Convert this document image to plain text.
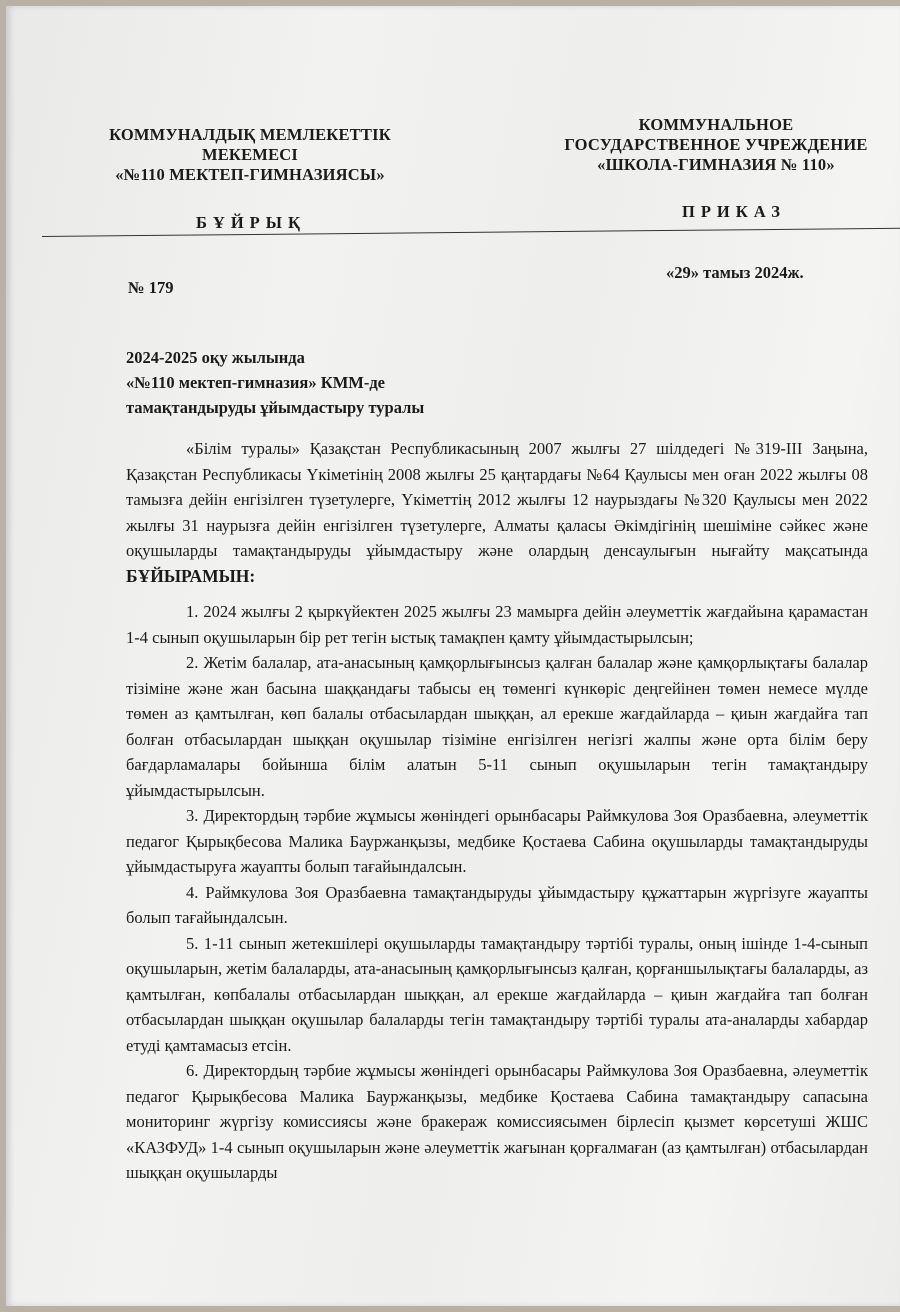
КОММУНАЛДЫҚ МЕМЛЕКЕТТІК
МЕКЕМЕСІ
«№110 МЕКТЕП-ГИМНАЗИЯСЫ»
БҰЙРЫҚ
КОММУНАЛЬНОЕ
ГОСУДАРСТВЕННОЕ УЧРЕЖДЕНИЕ
«ШКОЛА-ГИМНАЗИЯ № 110»
ПРИКАЗ
№ 179
«29» тамыз 2024ж.
2024-2025 оқу жылында
«№110 мектеп-гимназия» КММ-де
тамақтандыруды ұйымдастыру туралы

«Білім туралы» Қазақстан Республикасының 2007 жылғы 27 шілдедегі №319-ІІІ Заңына, Қазақстан Республикасы Үкіметінің 2008 жылғы 25 қаңтардағы №64 Қаулысы мен оған 2022 жылғы 08 тамызға дейін енгізілген түзетулерге, Үкіметтің 2012 жылғы 12 наурыздағы №320 Қаулысы мен 2022 жылғы 31 наурызға дейін енгізілген түзетулерге, Алматы қаласы Әкімдігінің шешіміне сәйкес және оқушыларды тамақтандыруды ұйымдастыру және олардың денсаулығын нығайту мақсатында БҰЙЫРАМЫН:

1. 2024 жылғы 2 қыркүйектен 2025 жылғы 23 мамырға дейін әлеуметтік жағдайына қарамастан 1-4 сынып оқушыларын бір рет тегін ыстық тамақпен қамту ұйымдастырылсын;

2. Жетім балалар, ата-анасының қамқорлығынсыз қалған балалар және қамқорлықтағы балалар тізіміне және жан басына шаққандағы табысы ең төменгі күнкөріс деңгейінен төмен немесе мүлде төмен аз қамтылған, көп балалы отбасылардан шыққан, ал ерекше жағдайларда – қиын жағдайға тап болған отбасылардан шыққан оқушылар тізіміне енгізілген негізгі жалпы және орта білім беру бағдарламалары бойынша білім алатын 5-11 сынып оқушыларын тегін тамақтандыру ұйымдастырылсын.

3. Директордың тәрбие жұмысы жөніндегі орынбасары Раймкулова Зоя Оразбаевна, әлеуметтік педагог Қырықбесова Малика Бауржанқызы, медбике Қостаева Сабина оқушыларды тамақтандыруды ұйымдастыруға жауапты болып тағайындалсын.

4. Раймкулова Зоя Оразбаевна тамақтандыруды ұйымдастыру құжаттарын жүргізуге жауапты болып тағайындалсын.

5. 1-11 сынып жетекшілері оқушыларды тамақтандыру тәртібі туралы, оның ішінде 1-4-сынып оқушыларын, жетім балаларды, ата-анасының қамқорлығынсыз қалған, қорғаншылықтағы балаларды, аз қамтылған, көпбалалы отбасылардан шыққан, ал ерекше жағдайларда – қиын жағдайға тап болған отбасылардан шыққан оқушылар балаларды тегін тамақтандыру тәртібі туралы ата-аналарды хабардар етуді қамтамасыз етсін.

6. Директордың тәрбие жұмысы жөніндегі орынбасары Раймкулова Зоя Оразбаевна, әлеуметтік педагог Қырықбесова Малика Бауржанқызы, медбике Қостаева Сабина тамақтандыру сапасына мониторинг жүргізу комиссиясы және бракераж комиссиясымен бірлесіп қызмет көрсетуші ЖШС «КАЗФУД» 1-4 сынып оқушыларын және әлеуметтік жағынан қорғалмаған (аз қамтылған) отбасылардан шыққан оқушыларды
